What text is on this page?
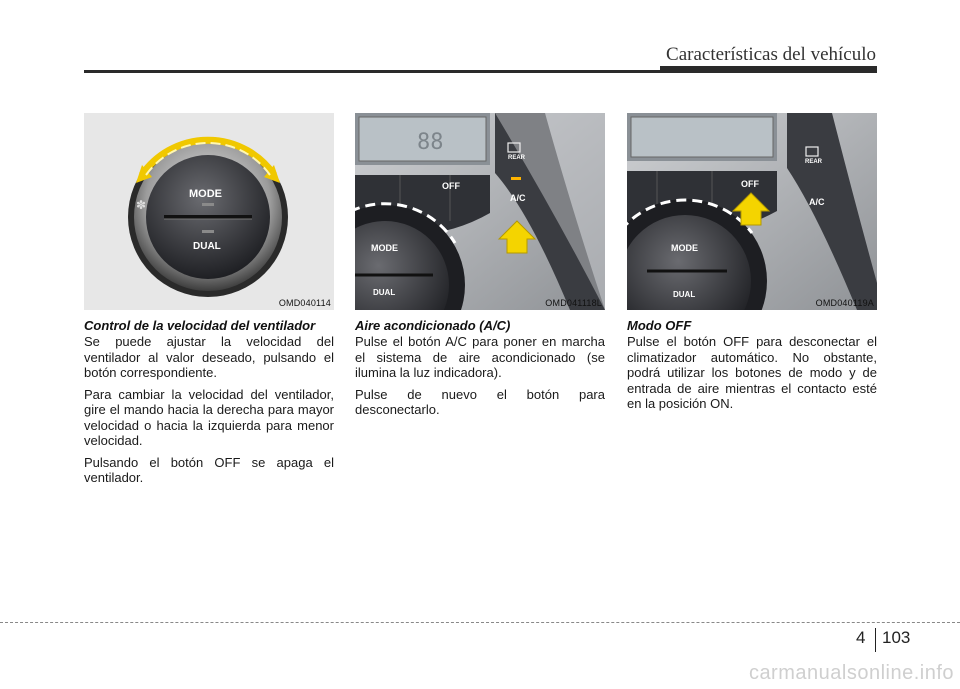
Características del vehículo
✽
MODE
DUAL
OMD040114
Control de la velocidad del ventilador

Se puede ajustar la velocidad del ventilador al valor deseado, pulsando el botón correspondiente.

Para cambiar la velocidad del ventilador, gire el mando hacia la derecha para mayor velocidad o hacia la izquierda para menor velocidad.

Pulsando el botón OFF se apaga el ventilador.

88
OFF
REAR
A/C
MODE
DUAL
OMD041118L
Aire acondicionado (A/C)

Pulse el botón A/C para poner en marcha el sistema de aire acondicionado (se ilumina la luz indicadora).

Pulse de nuevo el botón para desconectarlo.

OFF
REAR
A/C
MODE
DUAL
OMD040119A
Modo OFF

Pulse el botón OFF para desconectar el climatizador automático. No obstante, podrá utilizar los botones de modo y de entrada de aire mientras el contacto esté en la posición ON.

4 103
carmanualsonline.info
